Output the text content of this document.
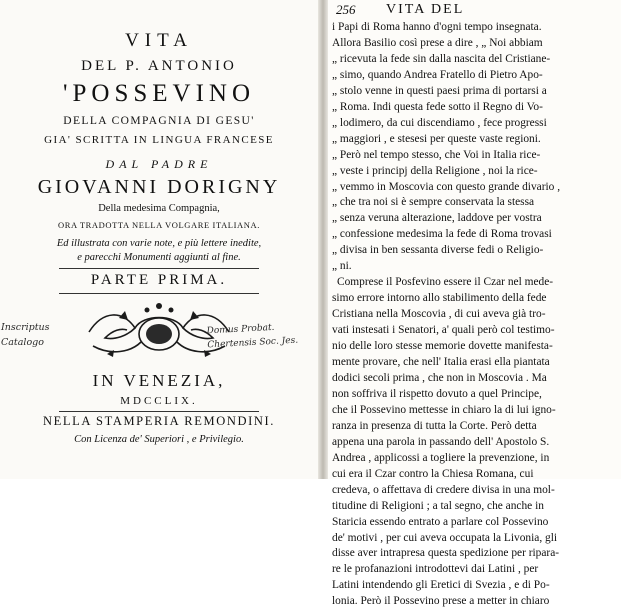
VITA
DEL P. ANTONIO
'POSSEVINO
DELLA COMPAGNIA DI GESU'
GIA' SCRITTA IN LINGUA FRANCESE
DAL PADRE
GIOVANNI DORIGNY
Della medesima Compagnia,
ORA TRADOTTA NELLA VOLGARE ITALIANA.
Ed illustrata con varie note, e più lettere inedite,
e parecchi Monumenti aggiunti al fine.
PARTE PRIMA.
Inscriptus
Catalogo
Domus Probat.
Chertensis Soc. Jes.
IN VENEZIA,
MDCCLIX.
NELLA STAMPERIA REMONDINI.
Con Licenza de' Superiori , e Privilegio.
256 VITA DEL
i Papi di Roma hanno d'ogni tempo insegnata.
Allora Basilio così prese a dire , „ Noi abbiam
„ ricevuta la fede sin dalla nascita del Cristiane-
„ simo, quando Andrea Fratello di Pietro Apo-
„ stolo venne in questi paesi prima di portarsi a
„ Roma. Indi questa fede sotto il Regno di Vo-
„ lodimero, da cui discendiamo , fece progressi
„ maggiori , e stesesi per queste vaste regioni.
„ Però nel tempo stesso, che Voi in Italia rice-
„ veste i principj della Religione , noi la rice-
„ vemmo in Moscovia con questo grande divario ,
„ che tra noi si è sempre conservata la stessa
„ senza veruna alterazione, laddove per vostra
„ confessione medesima la fede di Roma trovasi
„ divisa in ben sessanta diverse fedi o Religio-
„ ni.
Comprese il Posfevino essere il Czar nel mede-
simo errore intorno allo stabilimento della fede
Cristiana nella Moscovia , di cui aveva già tro-
vati instesati i Senatori, a' quali però col testimo-
nio delle loro stesse memorie dovette manifesta-
mente provare, che nell' Italia erasi ella piantata
dodici secoli prima , che non in Moscovia . Ma
non soffriva il rispetto dovuto a quel Principe,
che il Possevino mettesse in chiaro la di lui igno-
ranza in presenza di tutta la Corte. Però detta
appena una parola in passando dell' Apostolo S.
Andrea , applicossi a togliere la prevenzione, in
cui era il Czar contro la Chiesa Romana, cui
credeva, o affettava di credere divisa in una mol-
titudine di Religioni ; a tal segno, che anche in
Staricia essendo entrato a parlare col Possevino
de' motivi , per cui aveva occupata la Livonia, gli
disse aver intrapresa questa spedizione per ripara-
re le profanazioni introdottevi dai Latini , per
Latini intendendo gli Eretici di Svezia , e di Po-
lonia. Però il Possevino prese a metter in chiaro
